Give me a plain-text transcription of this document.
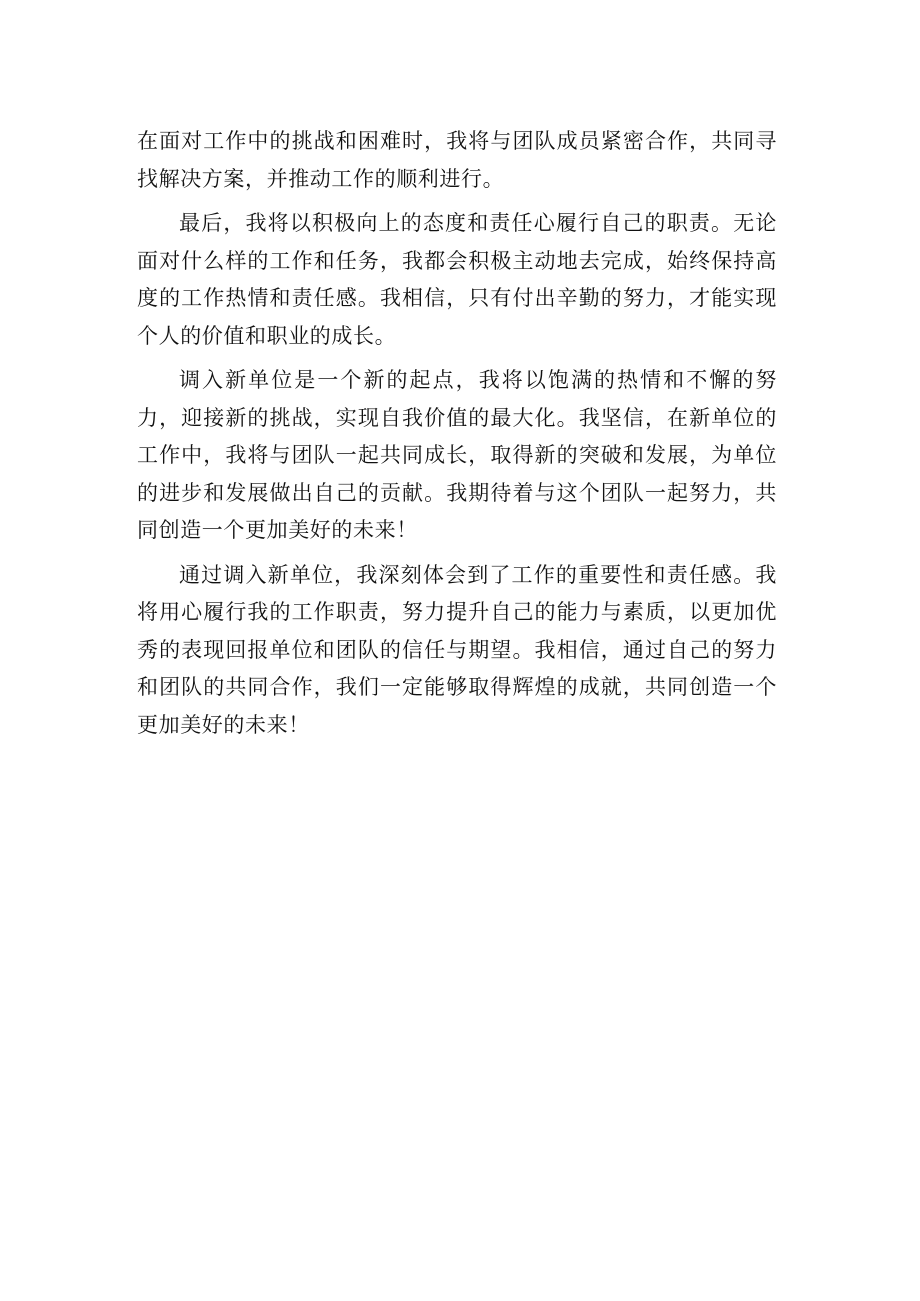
在面对工作中的挑战和困难时，我将与团队成员紧密合作，共同寻找解决方案，并推动工作的顺利进行。

最后，我将以积极向上的态度和责任心履行自己的职责。无论面对什么样的工作和任务，我都会积极主动地去完成，始终保持高度的工作热情和责任感。我相信，只有付出辛勤的努力，才能实现个人的价值和职业的成长。

调入新单位是一个新的起点，我将以饱满的热情和不懈的努力，迎接新的挑战，实现自我价值的最大化。我坚信，在新单位的工作中，我将与团队一起共同成长，取得新的突破和发展，为单位的进步和发展做出自己的贡献。我期待着与这个团队一起努力，共同创造一个更加美好的未来！

通过调入新单位，我深刻体会到了工作的重要性和责任感。我将用心履行我的工作职责，努力提升自己的能力与素质，以更加优秀的表现回报单位和团队的信任与期望。我相信，通过自己的努力和团队的共同合作，我们一定能够取得辉煌的成就，共同创造一个更加美好的未来！
